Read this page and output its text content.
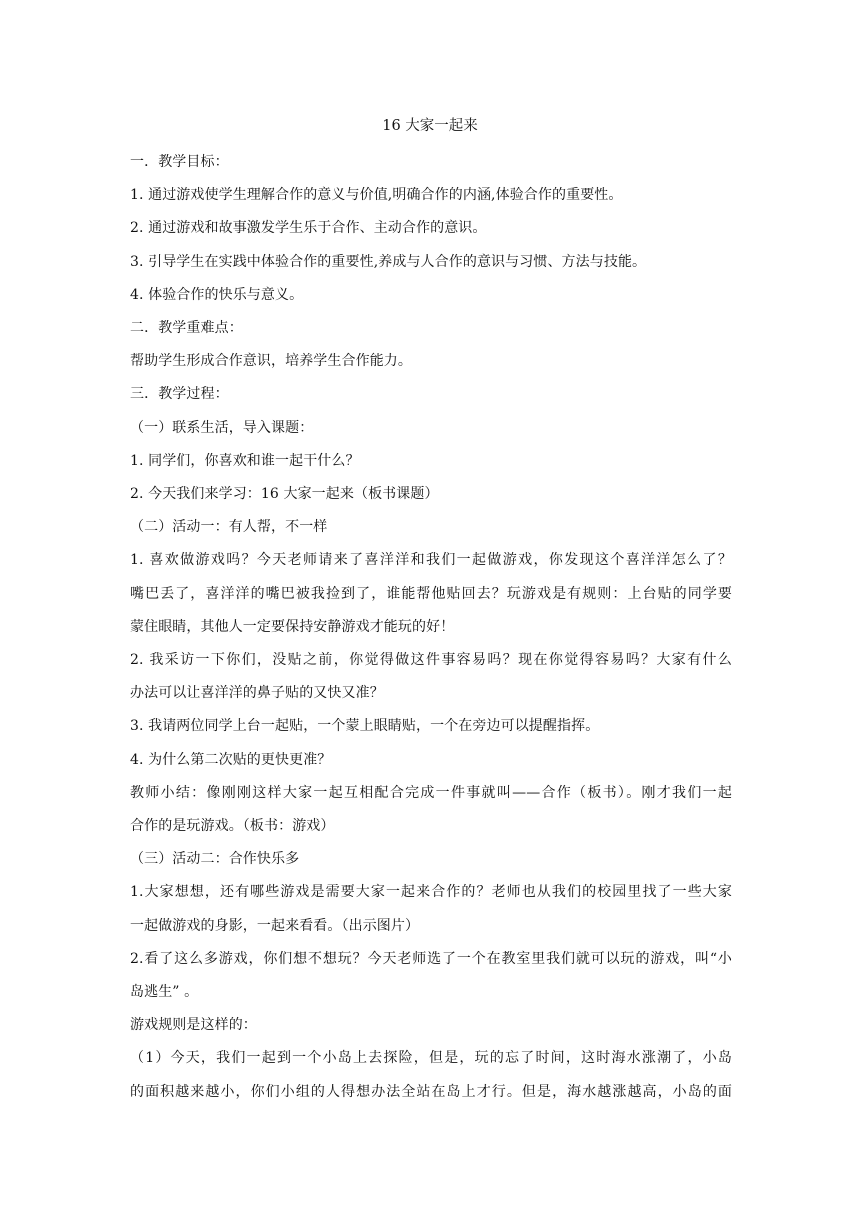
16 大家一起来
一．教学目标：
1. 通过游戏使学生理解合作的意义与价值,明确合作的内涵,体验合作的重要性。
2. 通过游戏和故事激发学生乐于合作、主动合作的意识。
3. 引导学生在实践中体验合作的重要性,养成与人合作的意识与习惯、方法与技能。
4. 体验合作的快乐与意义。
二．教学重难点：
帮助学生形成合作意识，培养学生合作能力。
三．教学过程：
（一）联系生活，导入课题：
1. 同学们，你喜欢和谁一起干什么？
2. 今天我们来学习：16 大家一起来（板书课题）
（二）活动一：有人帮，不一样
1. 喜欢做游戏吗？今天老师请来了喜洋洋和我们一起做游戏，你发现这个喜洋洋怎么了？
嘴巴丢了，喜洋洋的嘴巴被我捡到了，谁能帮他贴回去？玩游戏是有规则：上台贴的同学要
蒙住眼睛，其他人一定要保持安静游戏才能玩的好！
2. 我采访一下你们，没贴之前，你觉得做这件事容易吗？现在你觉得容易吗？大家有什么
办法可以让喜洋洋的鼻子贴的又快又准？
3. 我请两位同学上台一起贴，一个蒙上眼睛贴，一个在旁边可以提醒指挥。
4. 为什么第二次贴的更快更准？
教师小结：像刚刚这样大家一起互相配合完成一件事就叫——合作（板书）。刚才我们一起
合作的是玩游戏。（板书：游戏）
（三）活动二：合作快乐多
1.大家想想，还有哪些游戏是需要大家一起来合作的？老师也从我们的校园里找了一些大家
一起做游戏的身影，一起来看看。（出示图片）
2.看了这么多游戏，你们想不想玩？今天老师选了一个在教室里我们就可以玩的游戏，叫“小
岛逃生” 。
游戏规则是这样的：
（1）今天，我们一起到一个小岛上去探险，但是，玩的忘了时间，这时海水涨潮了，小岛
的面积越来越小，你们小组的人得想办法全站在岛上才行。但是，海水越涨越高，小岛的面
